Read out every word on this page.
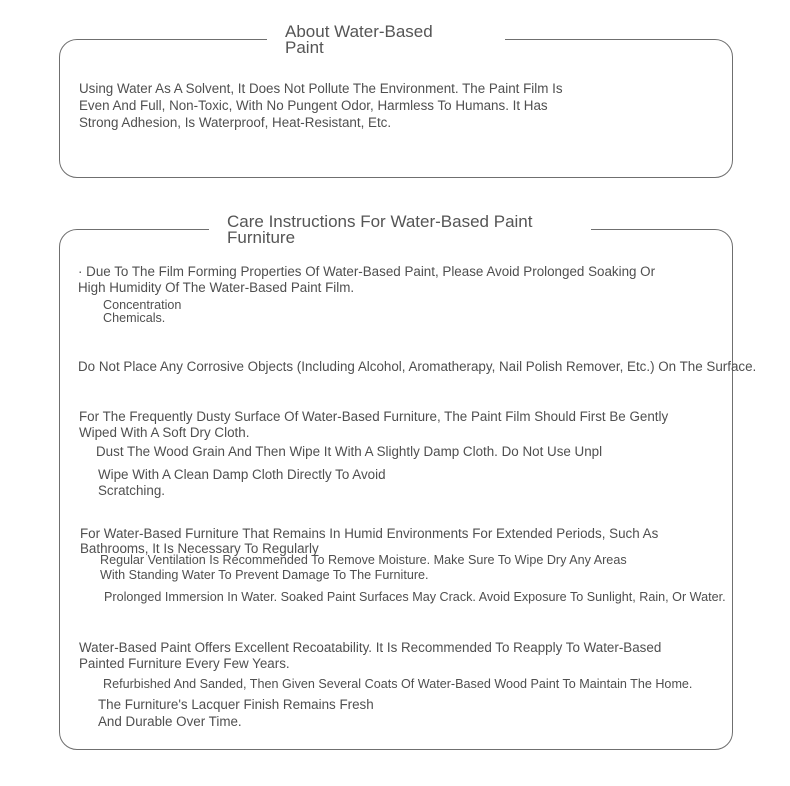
About Water-Based
Paint

Using Water As A Solvent, It Does Not Pollute The Environment. The Paint Film Is

Even And Full, Non-Toxic, With No Pungent Odor, Harmless To Humans. It Has

Strong Adhesion, Is Waterproof, Heat-Resistant, Etc.

Care Instructions For Water-Based Paint
Furniture

· Due To The Film Forming Properties Of Water-Based Paint, Please Avoid Prolonged Soaking Or

High Humidity Of The Water-Based Paint Film.

Concentration

Chemicals.

Do Not Place Any Corrosive Objects (Including Alcohol, Aromatherapy, Nail Polish Remover, Etc.) On The Surface.

For The Frequently Dusty Surface Of Water-Based Furniture, The Paint Film Should First Be Gently

Wiped With A Soft Dry Cloth.

Dust The Wood Grain And Then Wipe It With A Slightly Damp Cloth. Do Not Use Unpl

Wipe With A Clean Damp Cloth Directly To Avoid

Scratching.

For Water-Based Furniture That Remains In Humid Environments For Extended Periods, Such As

Bathrooms, It Is Necessary To Regularly

Regular Ventilation Is Recommended To Remove Moisture. Make Sure To Wipe Dry Any Areas

With Standing Water To Prevent Damage To The Furniture.

Prolonged Immersion In Water. Soaked Paint Surfaces May Crack. Avoid Exposure To Sunlight, Rain, Or Water.

Water-Based Paint Offers Excellent Recoatability. It Is Recommended To Reapply To Water-Based

Painted Furniture Every Few Years.

Refurbished And Sanded, Then Given Several Coats Of Water-Based Wood Paint To Maintain The Home.

The Furniture's Lacquer Finish Remains Fresh

And Durable Over Time.
